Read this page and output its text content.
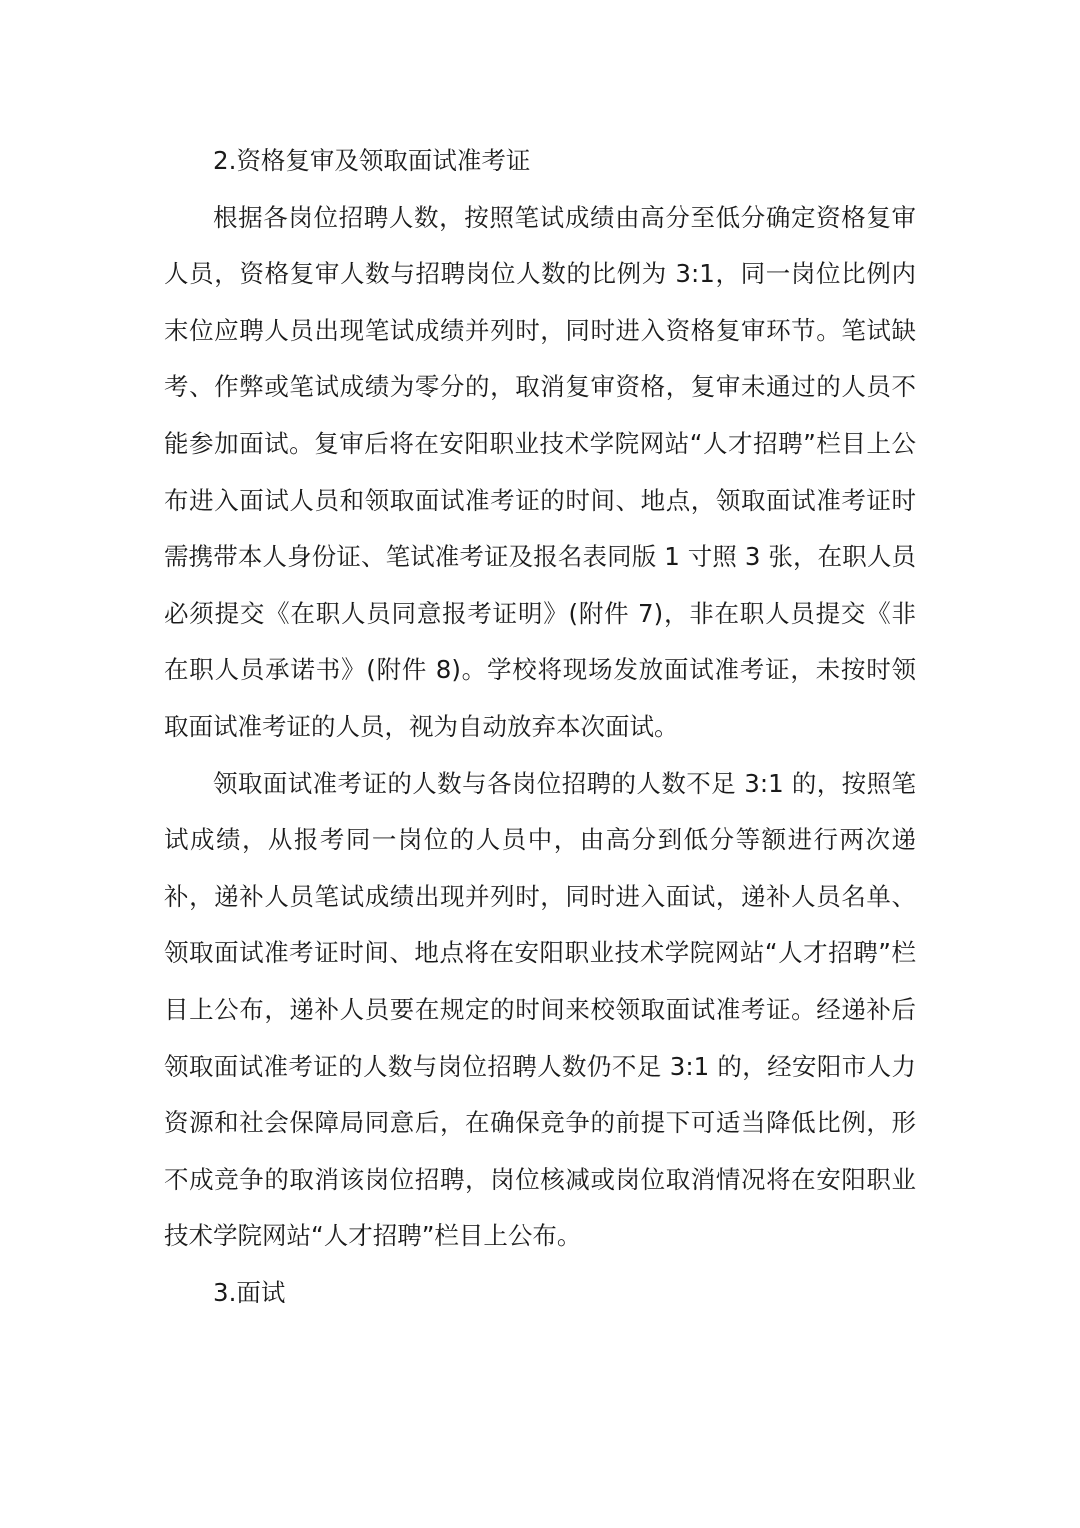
2.资格复审及领取面试准考证

根据各岗位招聘人数，按照笔试成绩由高分至低分确定资格复审人员，资格复审人数与招聘岗位人数的比例为 3:1，同一岗位比例内末位应聘人员出现笔试成绩并列时，同时进入资格复审环节。笔试缺考、作弊或笔试成绩为零分的，取消复审资格，复审未通过的人员不能参加面试。复审后将在安阳职业技术学院网站“人才招聘”栏目上公布进入面试人员和领取面试准考证的时间、地点，领取面试准考证时需携带本人身份证、笔试准考证及报名表同版 1 寸照 3 张，在职人员必须提交《在职人员同意报考证明》(附件 7)，非在职人员提交《非在职人员承诺书》(附件 8)。学校将现场发放面试准考证，未按时领取面试准考证的人员，视为自动放弃本次面试。

领取面试准考证的人数与各岗位招聘的人数不足 3:1 的，按照笔试成绩，从报考同一岗位的人员中，由高分到低分等额进行两次递补，递补人员笔试成绩出现并列时，同时进入面试，递补人员名单、领取面试准考证时间、地点将在安阳职业技术学院网站“人才招聘”栏目上公布，递补人员要在规定的时间来校领取面试准考证。经递补后领取面试准考证的人数与岗位招聘人数仍不足 3:1 的，经安阳市人力资源和社会保障局同意后，在确保竞争的前提下可适当降低比例，形不成竞争的取消该岗位招聘，岗位核减或岗位取消情况将在安阳职业技术学院网站“人才招聘”栏目上公布。

3.面试
